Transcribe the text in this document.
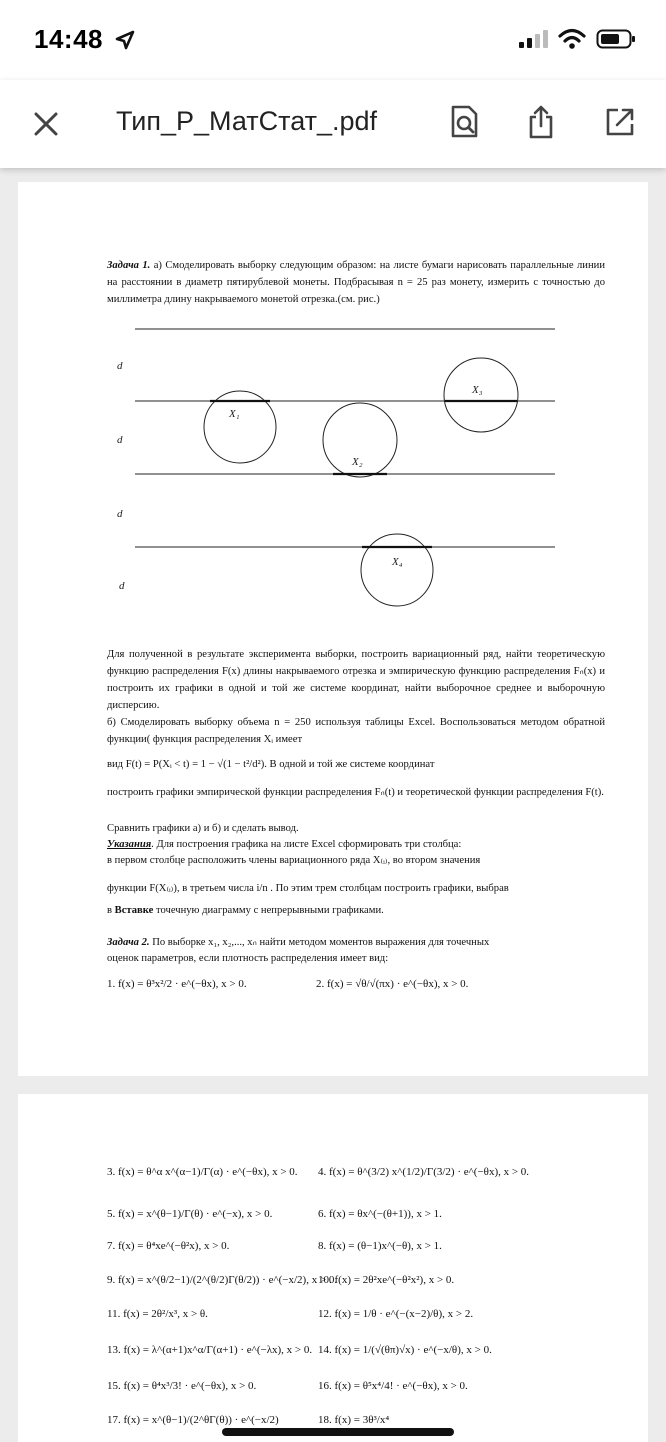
14:48
Тип_Р_МатСтат_.pdf
Задача 1. а) Смоделировать выборку следующим образом: на листе бумаги нарисовать параллельные линии на расстоянии в диаметр пятирублевой монеты. Подбрасывая n = 25 раз монету, измерить с точностью до миллиметра длину накрываемого монетой отрезка.(см. рис.)
d
d
d
d
X₁
X₂
X₃
X₄
Для полученной в результате эксперимента выборки, построить вариационный ряд, найти теоретическую функцию распределения F(x) длины накрываемого отрезка и эмпирическую функцию распределения Fₙ(x) и построить их графики в одной и той же системе координат, найти выборочное среднее и выборочную дисперсию.
б) Смоделировать выборку объема n = 250 используя таблицы Excel. Воспользоваться методом обратной функции( функция распределения Xᵢ имеет
вид F(t) = P(Xᵢ < t) = 1 − √(1 − t²/d²). В одной и той же системе координат
построить графики эмпирической функции распределения Fₙ(t) и теоретической функции распределения F(t).
Сравнить графики а) и б) и сделать вывод.
Указания. Для построения графика на листе Excel сформировать три столбца:
в первом столбце расположить члены вариационного ряда X₍ᵢ₎, во втором значения
функции F(X₍ᵢ₎), в третьем числа i/n . По этим трем столбцам построить графики, выбрав
в Вставке точечную диаграмму с непрерывными графиками.
Задача 2. По выборке x₁, x₂,..., xₙ найти методом моментов выражения для точечных
оценок параметров, если плотность распределения имеет вид:
1. f(x) = θ³x²/2 · e^(−θx), x > 0.	2. f(x) = √θ/√(πx) · e^(−θx), x > 0.
3. f(x) = θ^α x^(α−1)/Γ(α) · e^(−θx), x > 0. 4. f(x) = θ^(3/2) x^(1/2)/Γ(3/2) · e^(−θx), x > 0.
5. f(x) = x^(θ−1)/Γ(θ) · e^(−x), x > 0.	6. f(x) = θx^(−(θ+1)), x > 1.
7. f(x) = θ⁴xe^(−θ²x), x > 0.	8. f(x) = (θ−1)x^(−θ), x > 1.
9. f(x) = x^(θ/2−1)/(2^(θ/2)Γ(θ/2)) · e^(−x/2), x > 0.
10. f(x) = 2θ²xe^(−θ²x²), x > 0.
11. f(x) = 2θ²/x³, x > θ.	12. f(x) = 1/θ · e^(−(x−2)/θ), x > 2.
13. f(x) = λ^(α+1)x^α/Γ(α+1) · e^(−λx), x > 0. 14. f(x) = 1/(√(θπ)√x) · e^(−x/θ), x > 0.
15. f(x) = θ⁴x³/3! · e^(−θx), x > 0.	16. f(x) = θ⁵x⁴/4! · e^(−θx), x > 0.
17. f(x) = x^(θ−1)/(2^θΓ(θ)) · e^(−x/2)	18. f(x) = 3θ³/x⁴
